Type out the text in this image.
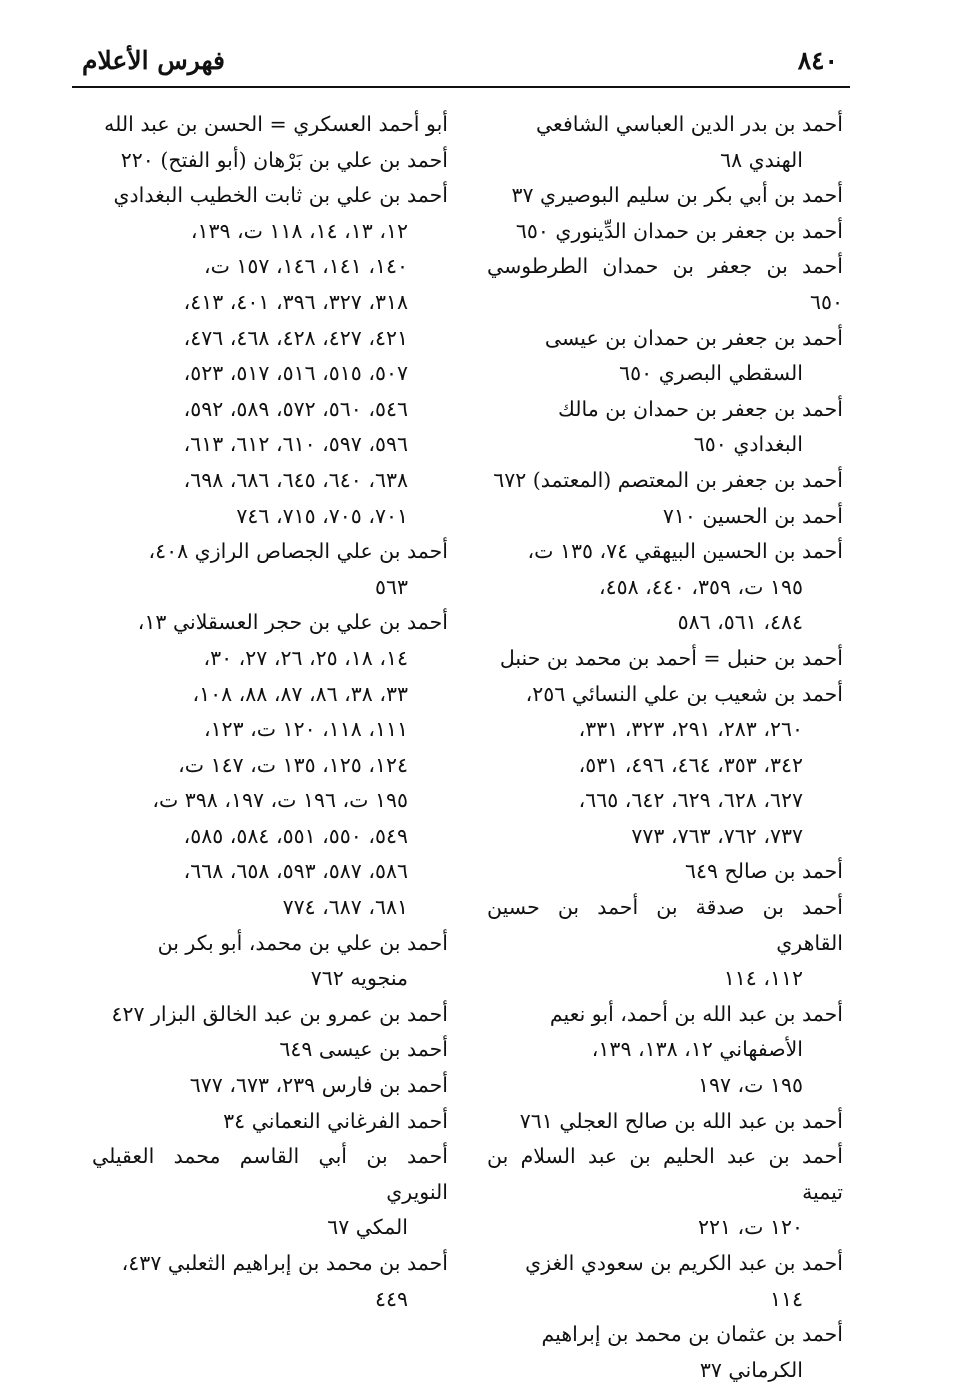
٨٤٠
فهرس الأعلام
أحمد بن بدر الدين العباسي الشافعي
الهندي ٦٨
أحمد بن أبي بكر بن سليم البوصيري ٣٧
أحمد بن جعفر بن حمدان الدِّينوري ٦٥٠
أحمد بن جعفر بن حمدان الطرطوسي ٦٥٠
أحمد بن جعفر بن حمدان بن عيسى
السقطي البصري ٦٥٠
أحمد بن جعفر بن حمدان بن مالك
البغدادي ٦٥٠
أحمد بن جعفر بن المعتصم (المعتمد) ٦٧٢
أحمد بن الحسين ٧١٠
أحمد بن الحسين البيهقي ٧٤، ١٣٥ ت،
١٩٥ ت، ٣٥٩، ٤٤٠، ٤٥٨،
٤٨٤، ٥٦١، ٥٨٦
أحمد بن حنبل = أحمد بن محمد بن حنبل
أحمد بن شعيب بن علي النسائي ٢٥٦،
٢٦٠، ٢٨٣، ٢٩١، ٣٢٣، ٣٣١،
٣٤٢، ٣٥٣، ٤٦٤، ٤٩٦، ٥٣١،
٦٢٧، ٦٢٨، ٦٢٩، ٦٤٢، ٦٦٥،
٧٣٧، ٧٦٢، ٧٦٣، ٧٧٣
أحمد بن صالح ٦٤٩
أحمد بن صدقة بن أحمد بن حسين القاهري
١١٢، ١١٤
أحمد بن عبد الله بن أحمد، أبو نعيم
الأصفهاني ١٢، ١٣٨، ١٣٩،
١٩٥ ت، ١٩٧
أحمد بن عبد الله بن صالح العجلي ٧٦١
أحمد بن عبد الحليم بن عبد السلام بن تيمية
١٢٠ ت، ٢٢١
أحمد بن عبد الكريم بن سعودي الغزي
١١٤
أحمد بن عثمان بن محمد بن إبراهيم
الكرماني ٣٧
أبو أحمد العسكري = الحسن بن عبد الله
أحمد بن علي بن بَرْهان (أبو الفتح) ٢٢٠
أحمد بن علي بن ثابت الخطيب البغدادي
١٢، ١٣، ١٤، ١١٨ ت، ١٣٩،
١٤٠، ١٤١، ١٤٦، ١٥٧ ت،
٣١٨، ٣٢٧، ٣٩٦، ٤٠١، ٤١٣،
٤٢١، ٤٢٧، ٤٢٨، ٤٦٨، ٤٧٦،
٥٠٧، ٥١٥، ٥١٦، ٥١٧، ٥٢٣،
٥٤٦، ٥٦٠، ٥٧٢، ٥٨٩، ٥٩٢،
٥٩٦، ٥٩٧، ٦١٠، ٦١٢، ٦١٣،
٦٣٨، ٦٤٠، ٦٤٥، ٦٨٦، ٦٩٨،
٧٠١، ٧٠٥، ٧١٥، ٧٤٦
أحمد بن علي الجصاص الرازي ٤٠٨،
٥٦٣
أحمد بن علي بن حجر العسقلاني ١٣،
١٤، ١٨، ٢٥، ٢٦، ٢٧، ٣٠،
٣٣، ٣٨، ٨٦، ٨٧، ٨٨، ١٠٨،
١١١، ١١٨، ١٢٠ ت، ١٢٣،
١٢٤، ١٢٥، ١٣٥ ت، ١٤٧ ت،
١٩٥ ت، ١٩٦ ت، ١٩٧، ٣٩٨ ت،
٥٤٩، ٥٥٠، ٥٥١، ٥٨٤، ٥٨٥،
٥٨٦، ٥٨٧، ٥٩٣، ٦٥٨، ٦٦٨،
٦٨١، ٦٨٧، ٧٧٤
أحمد بن علي بن محمد، أبو بكر بن
منجويه ٧٦٢
أحمد بن عمرو بن عبد الخالق البزار ٤٢٧
أحمد بن عيسى ٦٤٩
أحمد بن فارس ٢٣٩، ٦٧٣، ٦٧٧
أحمد الفرغاني النعماني ٣٤
أحمد بن أبي القاسم محمد العقيلي النويري
المكي ٦٧
أحمد بن محمد بن إبراهيم الثعلبي ٤٣٧،
٤٤٩
